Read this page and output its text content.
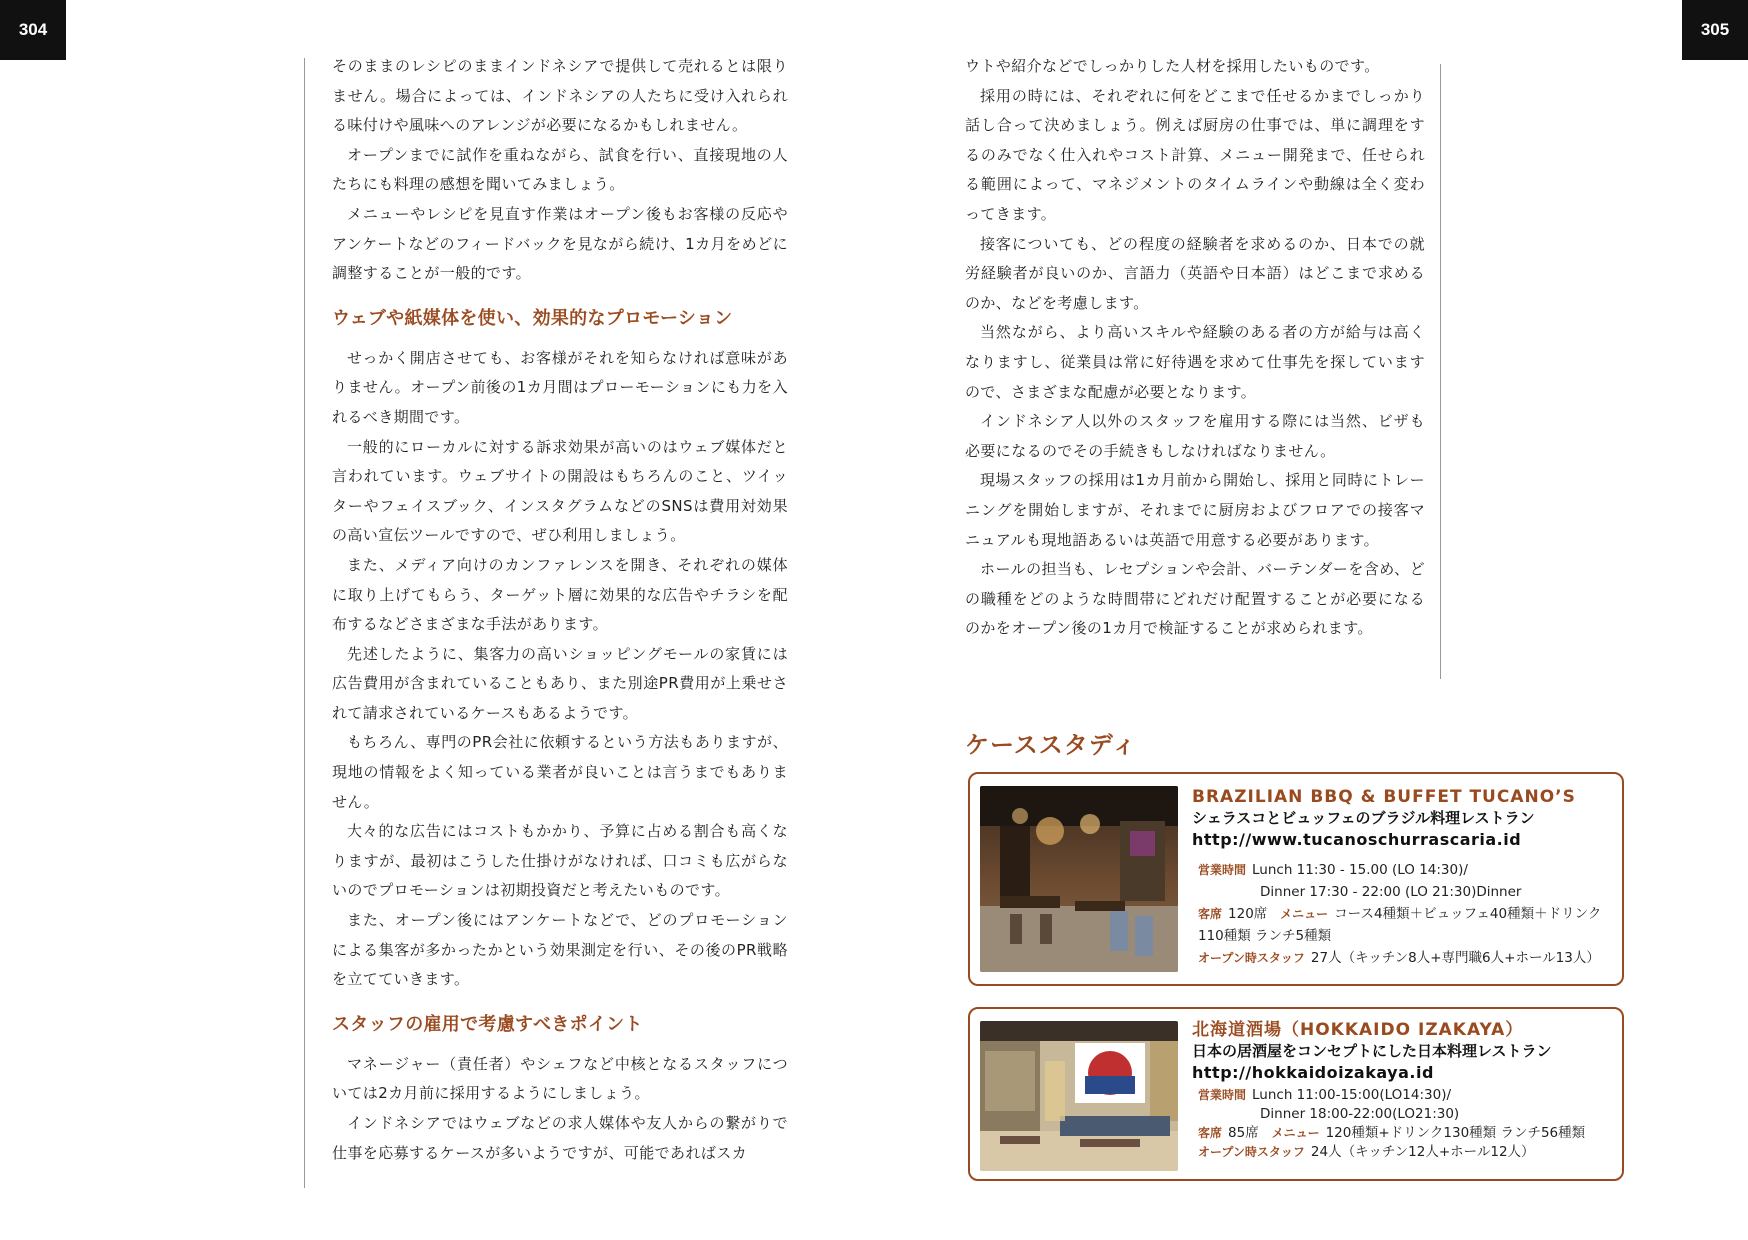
304	305

そのままのレシピのままインドネシアで提供して売れるとは限りません。場合によっては、インドネシアの人たちに受け入れられる味付けや風味へのアレンジが必要になるかもしれません。

オープンまでに試作を重ねながら、試食を行い、直接現地の人たちにも料理の感想を聞いてみましょう。

メニューやレシピを見直す作業はオープン後もお客様の反応やアンケートなどのフィードバックを見ながら続け、1カ月をめどに調整することが一般的です。

ウェブや紙媒体を使い、効果的なプロモーション

せっかく開店させても、お客様がそれを知らなければ意味がありません。オープン前後の1カ月間はプローモーションにも力を入れるべき期間です。

一般的にローカルに対する訴求効果が高いのはウェブ媒体だと言われています。ウェブサイトの開設はもちろんのこと、ツイッターやフェイスブック、インスタグラムなどのSNSは費用対効果の高い宣伝ツールですので、ぜひ利用しましょう。

また、メディア向けのカンファレンスを開き、それぞれの媒体に取り上げてもらう、ターゲット層に効果的な広告やチラシを配布するなどさまざまな手法があります。

先述したように、集客力の高いショッピングモールの家賃には広告費用が含まれていることもあり、また別途PR費用が上乗せされて請求されているケースもあるようです。

もちろん、専門のPR会社に依頼するという方法もありますが、現地の情報をよく知っている業者が良いことは言うまでもありません。

大々的な広告にはコストもかかり、予算に占める割合も高くなりますが、最初はこうした仕掛けがなければ、口コミも広がらないのでプロモーションは初期投資だと考えたいものです。

また、オープン後にはアンケートなどで、どのプロモーションによる集客が多かったかという効果測定を行い、その後のPR戦略を立てていきます。

スタッフの雇用で考慮すべきポイント

マネージャー（責任者）やシェフなど中核となるスタッフについては2カ月前に採用するようにしましょう。

インドネシアではウェブなどの求人媒体や友人からの繋がりで仕事を応募するケースが多いようですが、可能であればスカ

ウトや紹介などでしっかりした人材を採用したいものです。

採用の時には、それぞれに何をどこまで任せるかまでしっかり話し合って決めましょう。例えば厨房の仕事では、単に調理をするのみでなく仕入れやコスト計算、メニュー開発まで、任せられる範囲によって、マネジメントのタイムラインや動線は全く変わってきます。

接客についても、どの程度の経験者を求めるのか、日本での就労経験者が良いのか、言語力（英語や日本語）はどこまで求めるのか、などを考慮します。

当然ながら、より高いスキルや経験のある者の方が給与は高くなりますし、従業員は常に好待遇を求めて仕事先を探していますので、さまざまな配慮が必要となります。

インドネシア人以外のスタッフを雇用する際には当然、ビザも必要になるのでその手続きもしなければなりません。

現場スタッフの採用は1カ月前から開始し、採用と同時にトレーニングを開始しますが、それまでに厨房およびフロアでの接客マニュアルも現地語あるいは英語で用意する必要があります。

ホールの担当も、レセプションや会計、バーテンダーを含め、どの職種をどのような時間帯にどれだけ配置することが必要になるのかをオープン後の1カ月で検証することが求められます。

ケーススタディ
BRAZILIAN BBQ & BUFFET TUCANO’S
シェラスコとビュッフェのブラジル料理レストラン
http://www.tucanoschurrascaria.id
営業時間 Lunch 11:30 - 15.00 (LO 14:30)/
Dinner 17:30 - 22:00 (LO 21:30)Dinner
客席 120席 メニュー コース4種類＋ビュッフェ40種類＋ドリンク110種類 ランチ5種類
オープン時スタッフ 27人（キッチン8人+専門職6人+ホール13人）
北海道酒場（HOKKAIDO IZAKAYA）
日本の居酒屋をコンセプトにした日本料理レストラン
http://hokkaidoizakaya.id
営業時間 Lunch 11:00-15:00(LO14:30)/
Dinner 18:00-22:00(LO21:30)
客席 85席 メニュー 120種類+ドリンク130種類 ランチ56種類
オープン時スタッフ 24人（キッチン12人+ホール12人）
